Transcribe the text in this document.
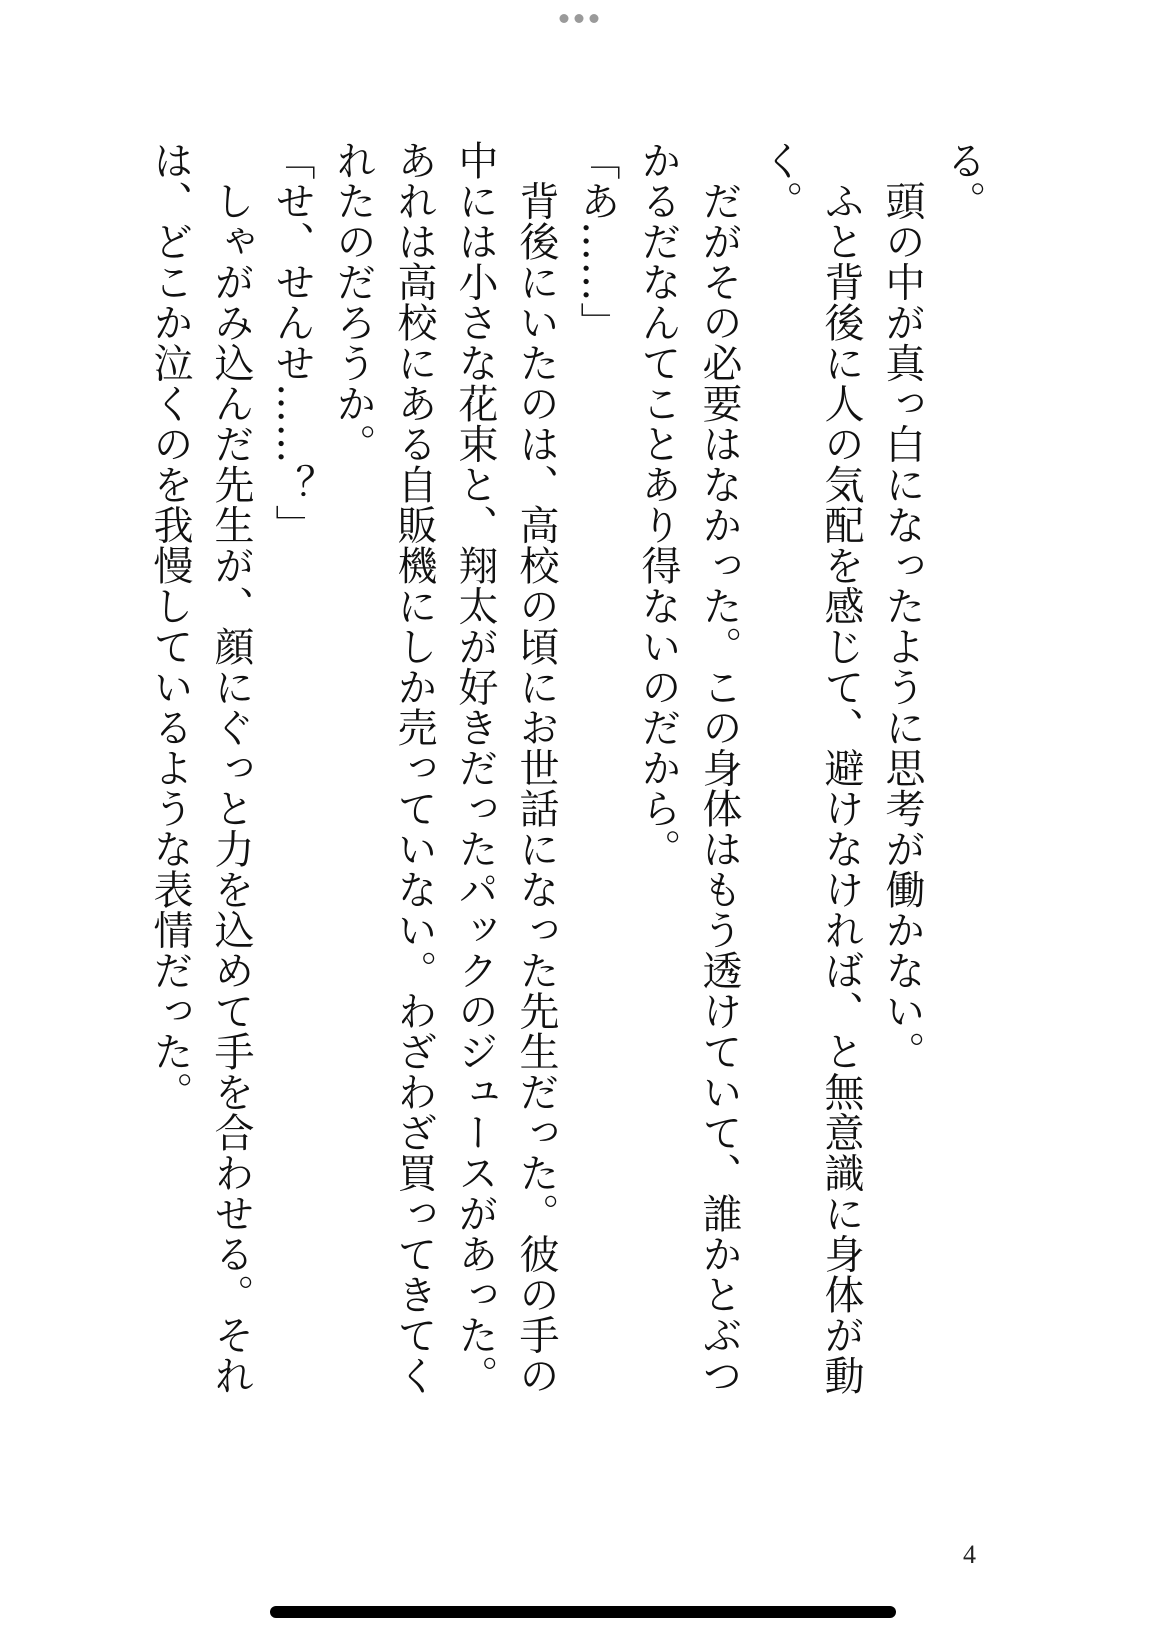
る。
　頭の中が真っ白になったように思考が働かない。
　ふと背後に人の気配を感じて、避けなければ、と無意識に身体が動
く。
　だがその必要はなかった。この身体はもう透けていて、誰かとぶつ
かるだなんてことあり得ないのだから。
「あ……」
　背後にいたのは、高校の頃にお世話になった先生だった。彼の手の
中には小さな花束と、翔太が好きだったパックのジュースがあった。
あれは高校にある自販機にしか売っていない。わざわざ買ってきてく
れたのだろうか。
「せ、せんせ……？」
　しゃがみ込んだ先生が、顔にぐっと力を込めて手を合わせる。それ
は、どこか泣くのを我慢しているような表情だった。
4
